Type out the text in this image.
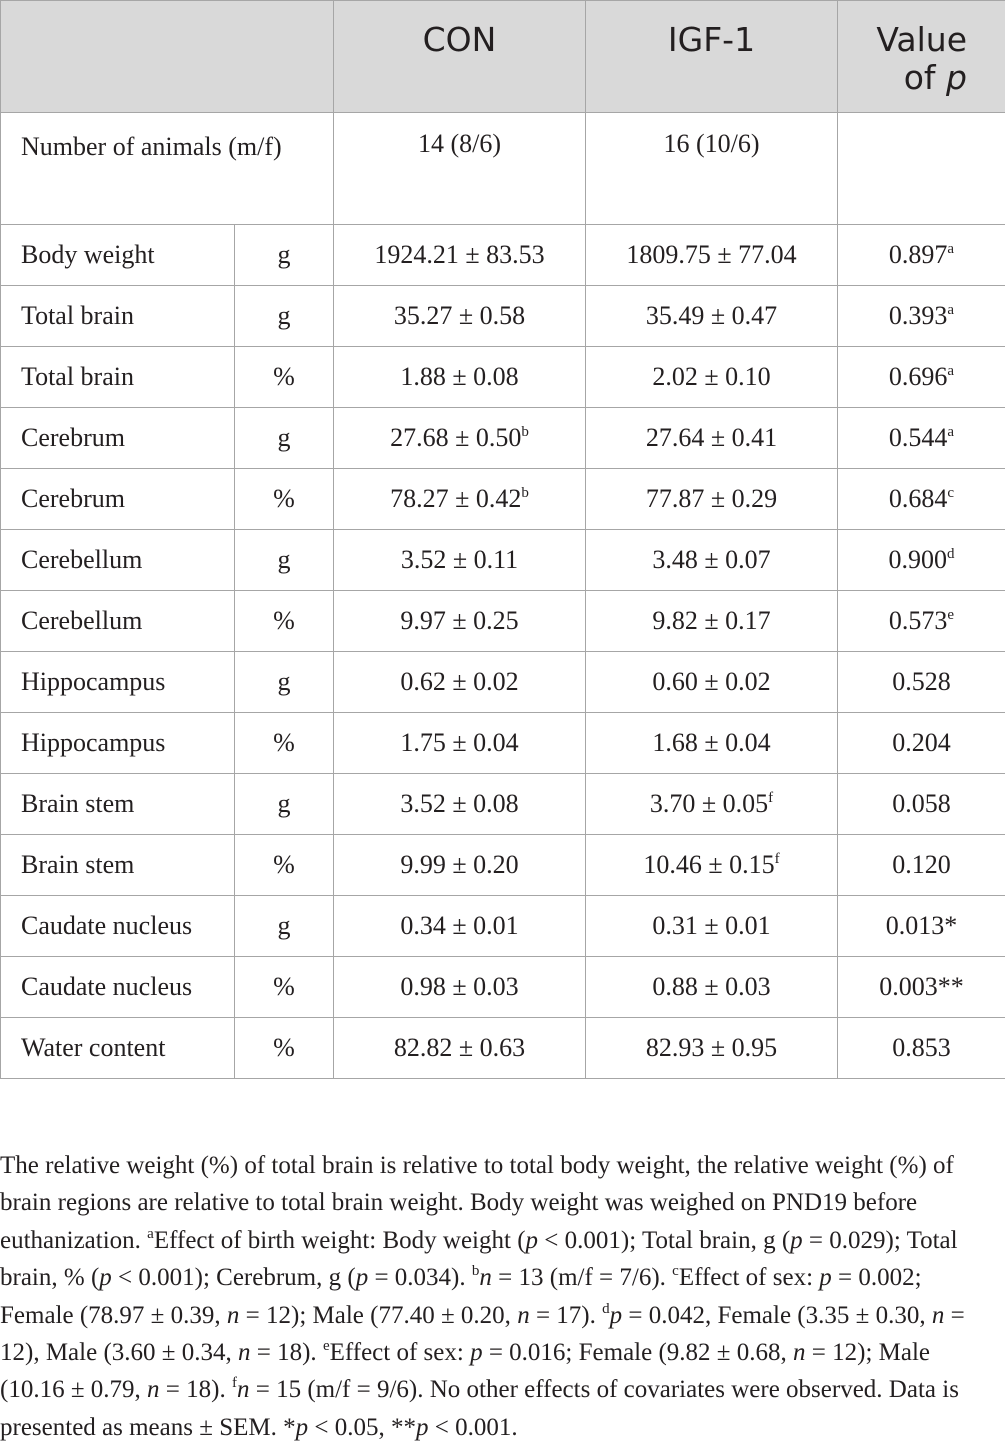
		CON	IGF-1	Value
of p
Number of animals (m/f)		14 (8/6)	16 (10/6)	
Body weight	g	1924.21 ± 83.53	1809.75 ± 77.04	0.897$^a$
Total brain	g	35.27 ± 0.58	35.49 ± 0.47	0.393$^a$
Total brain	%	1.88 ± 0.08	2.02 ± 0.10	0.696$^a$
Cerebrum	g	27.68 ± 0.50$^b$	27.64 ± 0.41	0.544$^a$
Cerebrum	%	78.27 ± 0.42$^b$	77.87 ± 0.29	0.684$^c$
Cerebellum	g	3.52 ± 0.11	3.48 ± 0.07	0.900$^d$
Cerebellum	%	9.97 ± 0.25	9.82 ± 0.17	0.573e
Hippocampus	g	0.62 ± 0.02	0.60 ± 0.02	0.528
Hippocampus	%	1.75 ± 0.04	1.68 ± 0.04	0.204
Brain stem	g	3.52 ± 0.08	3.70 ± 0.05$^f$	0.058
Brain stem	%	9.99 ± 0.20	10.46 ± 0.15$^f$	0.120
Caudate nucleus	g	0.34 ± 0.01	0.31 ± 0.01	0.013*
Caudate nucleus	%	0.98 ± 0.03	0.88 ± 0.03	0.003**
Water content	%	82.82 ± 0.63	82.93 ± 0.95	0.853

The relative weight (%) of total brain is relative to total body weight, the relative weight (%) of brain regions are relative to total brain weight. Body weight was weighed on PND19 before euthanization. $^a$Effect of birth weight: Body weight (p < 0.001); Total brain, g (p = 0.029); Total brain, % (p < 0.001); Cerebrum, g (p = 0.034). $^b$n = 13 (m/f = 7/6). $^c$Effect of sex: p = 0.002; Female (78.97 ± 0.39, n = 12); Male (77.40 ± 0.20, n = 17). $^d$p = 0.042, Female (3.35 ± 0.30, n = 12), Male (3.60 ± 0.34, n = 18). $^e$Effect of sex: p = 0.016; Female (9.82 ± 0.68, n = 12); Male (10.16 ± 0.79, n = 18). $^f$n = 15 (m/f = 9/6). No other effects of covariates were observed. Data is presented as means ± SEM. *p < 0.05, **p < 0.001.
